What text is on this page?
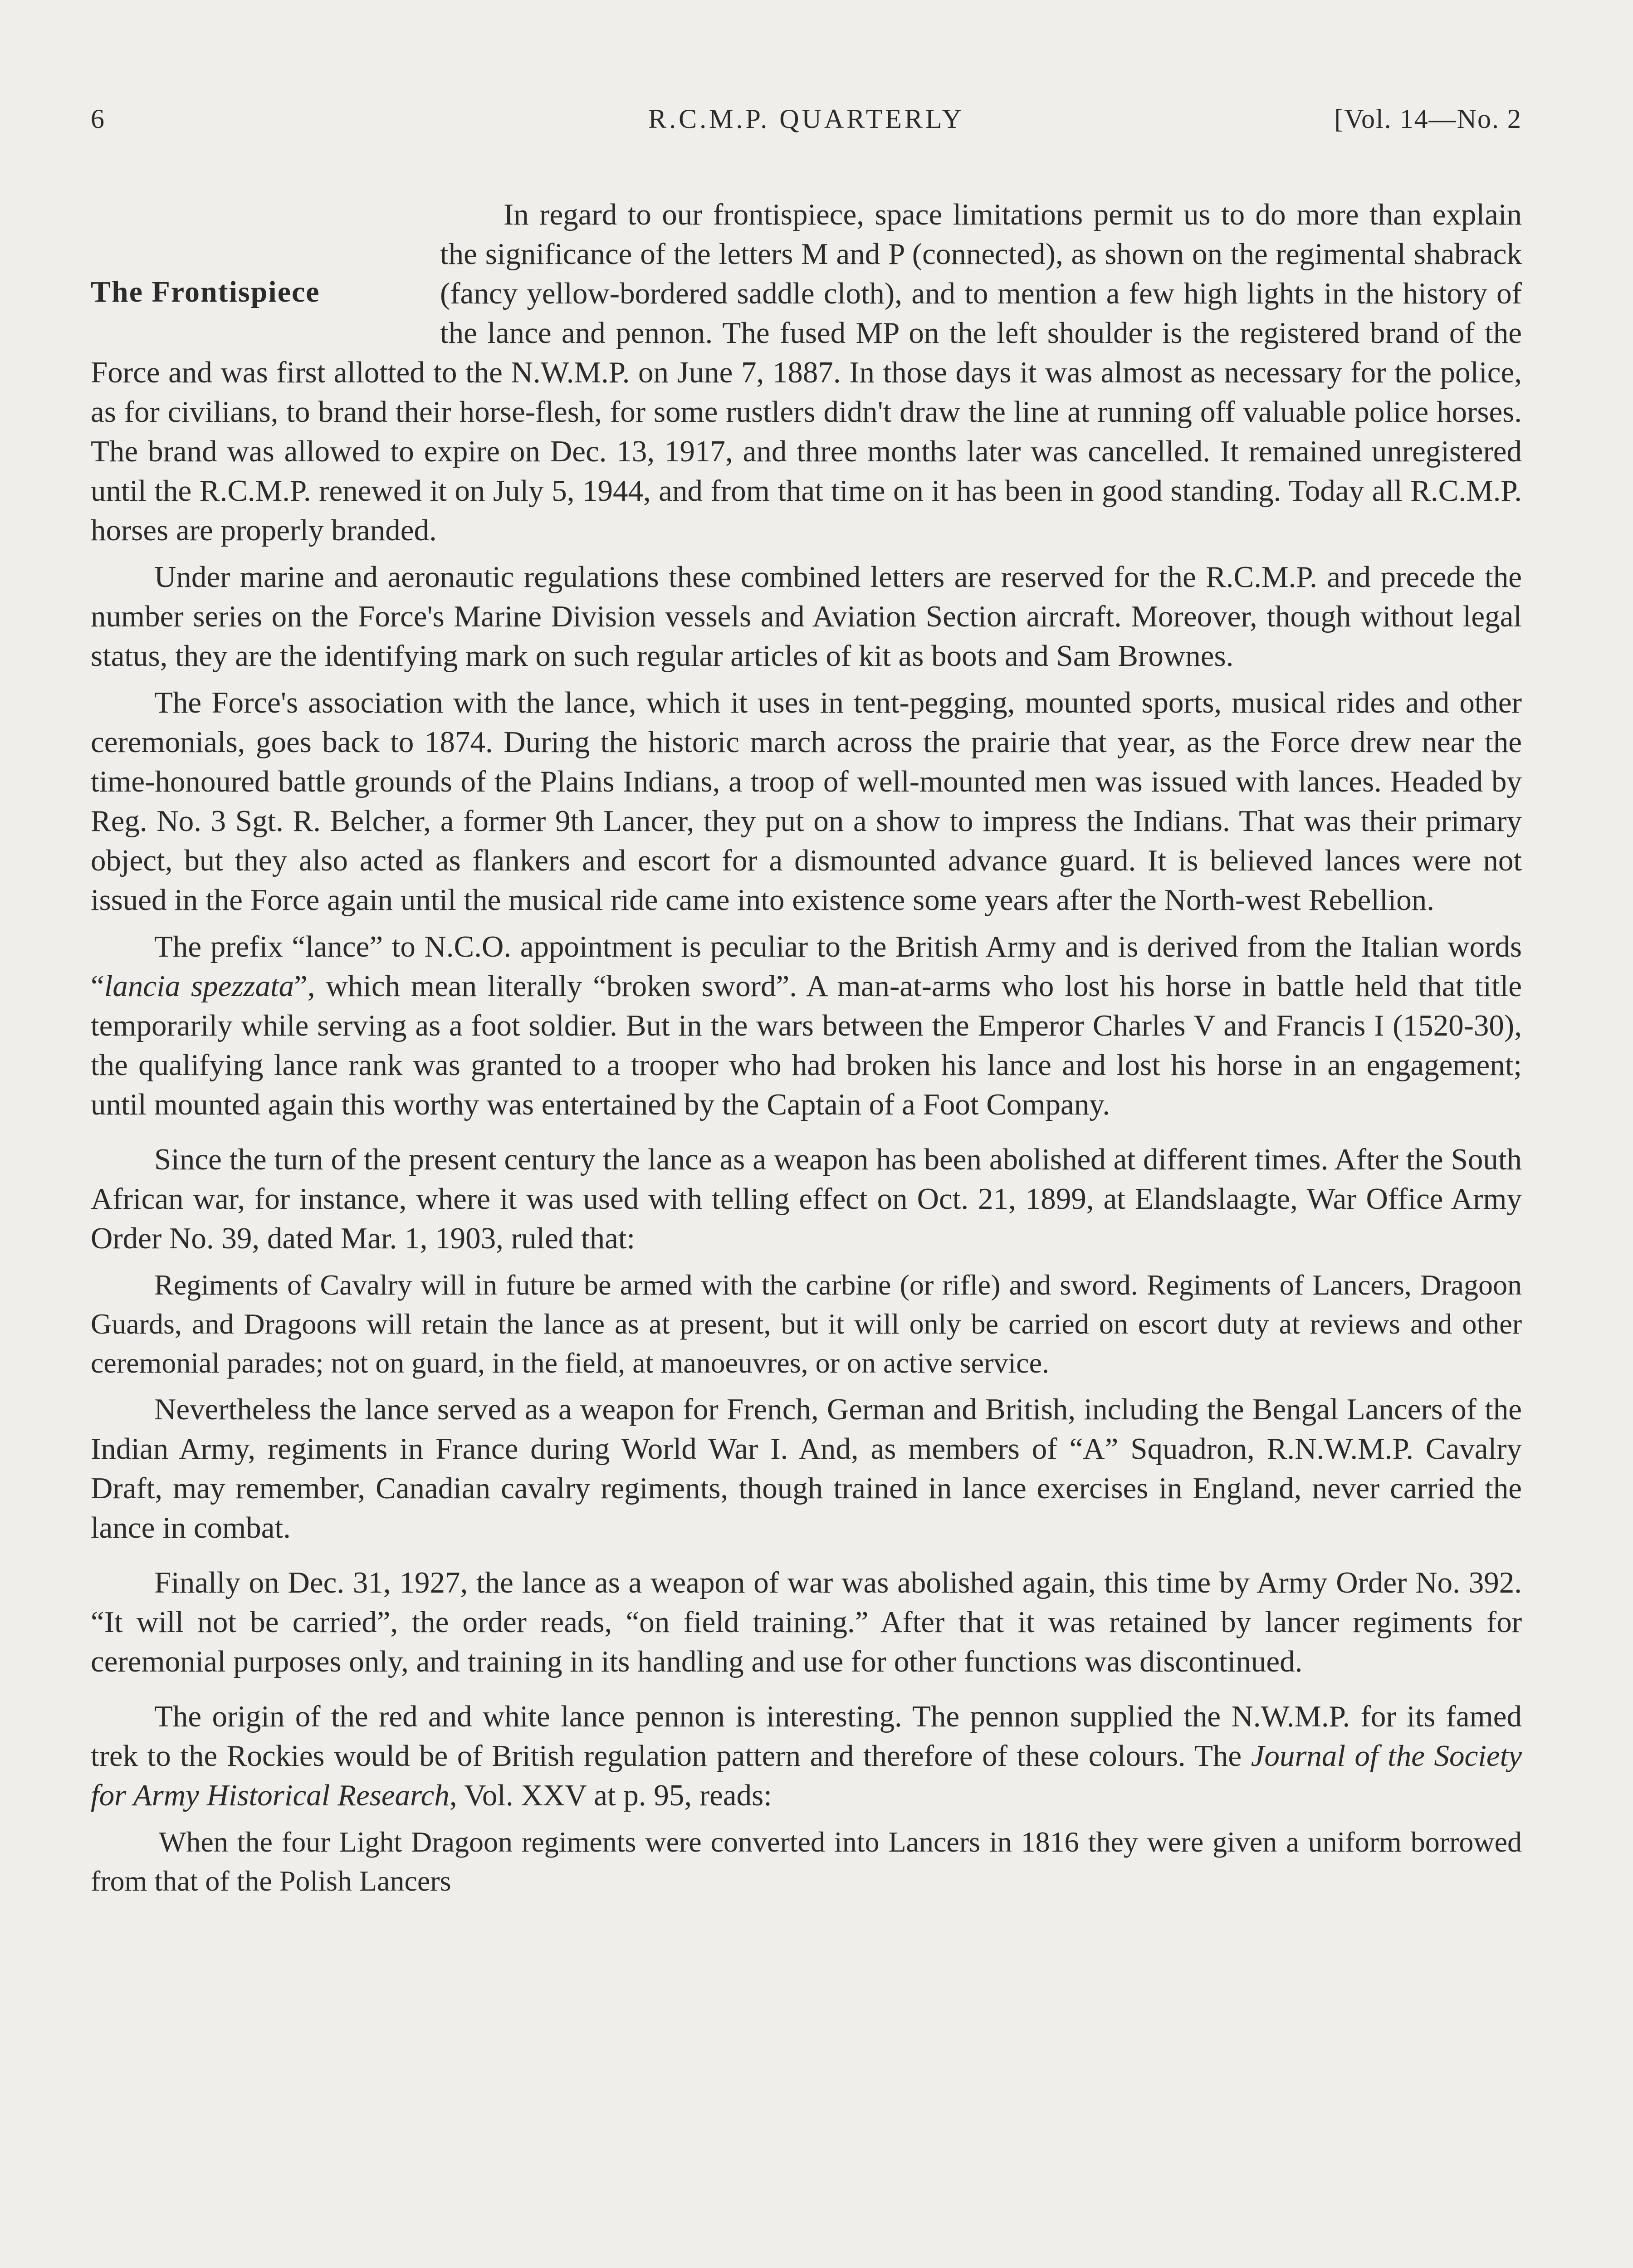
6	R.C.M.P. QUARTERLY	[Vol. 14—No. 2

The Frontispiece
In regard to our frontispiece, space limitations permit us to do more than explain the significance of the letters M and P (connected), as shown on the regimental shabrack (fancy yellow-bordered saddle cloth), and to mention a few high lights in the history of the lance and pennon. The fused MP on the left shoulder is the registered brand of the Force and was first allotted to the N.W.M.P. on June 7, 1887. In those days it was almost as necessary for the police, as for civilians, to brand their horse-flesh, for some rustlers didn't draw the line at running off valuable police horses. The brand was allowed to expire on Dec. 13, 1917, and three months later was cancelled. It remained unregistered until the R.C.M.P. renewed it on July 5, 1944, and from that time on it has been in good standing. Today all R.C.M.P. horses are properly branded.

Under marine and aeronautic regulations these combined letters are reserved for the R.C.M.P. and precede the number series on the Force's Marine Division vessels and Aviation Section aircraft. Moreover, though without legal status, they are the identifying mark on such regular articles of kit as boots and Sam Brownes.

The Force's association with the lance, which it uses in tent-pegging, mounted sports, musical rides and other ceremonials, goes back to 1874. During the historic march across the prairie that year, as the Force drew near the time-honoured battle grounds of the Plains Indians, a troop of well-mounted men was issued with lances. Headed by Reg. No. 3 Sgt. R. Belcher, a former 9th Lancer, they put on a show to impress the Indians. That was their primary object, but they also acted as flankers and escort for a dismounted advance guard. It is believed lances were not issued in the Force again until the musical ride came into existence some years after the North-west Rebellion.

The prefix “lance” to N.C.O. appointment is peculiar to the British Army and is derived from the Italian words “lancia spezzata”, which mean literally “broken sword”. A man-at-arms who lost his horse in battle held that title temporarily while serving as a foot soldier. But in the wars between the Emperor Charles V and Francis I (1520-30), the qualifying lance rank was granted to a trooper who had broken his lance and lost his horse in an engagement; until mounted again this worthy was entertained by the Captain of a Foot Company.

Since the turn of the present century the lance as a weapon has been abolished at different times. After the South African war, for instance, where it was used with telling effect on Oct. 21, 1899, at Elandslaagte, War Office Army Order No. 39, dated Mar. 1, 1903, ruled that:

Regiments of Cavalry will in future be armed with the carbine (or rifle) and sword. Regiments of Lancers, Dragoon Guards, and Dragoons will retain the lance as at present, but it will only be carried on escort duty at reviews and other ceremonial parades; not on guard, in the field, at manoeuvres, or on active service.

Nevertheless the lance served as a weapon for French, German and British, including the Bengal Lancers of the Indian Army, regiments in France during World War I. And, as members of “A” Squadron, R.N.W.M.P. Cavalry Draft, may remember, Canadian cavalry regiments, though trained in lance exercises in England, never carried the lance in combat.

Finally on Dec. 31, 1927, the lance as a weapon of war was abolished again, this time by Army Order No. 392. “It will not be carried”, the order reads, “on field training.” After that it was retained by lancer regiments for ceremonial purposes only, and training in its handling and use for other functions was discontinued.

The origin of the red and white lance pennon is interesting. The pennon supplied the N.W.M.P. for its famed trek to the Rockies would be of British regulation pattern and therefore of these colours. The Journal of the Society for Army Historical Research, Vol. XXV at p. 95, reads:

When the four Light Dragoon regiments were converted into Lancers in 1816 they were given a uniform borrowed from that of the Polish Lancers
